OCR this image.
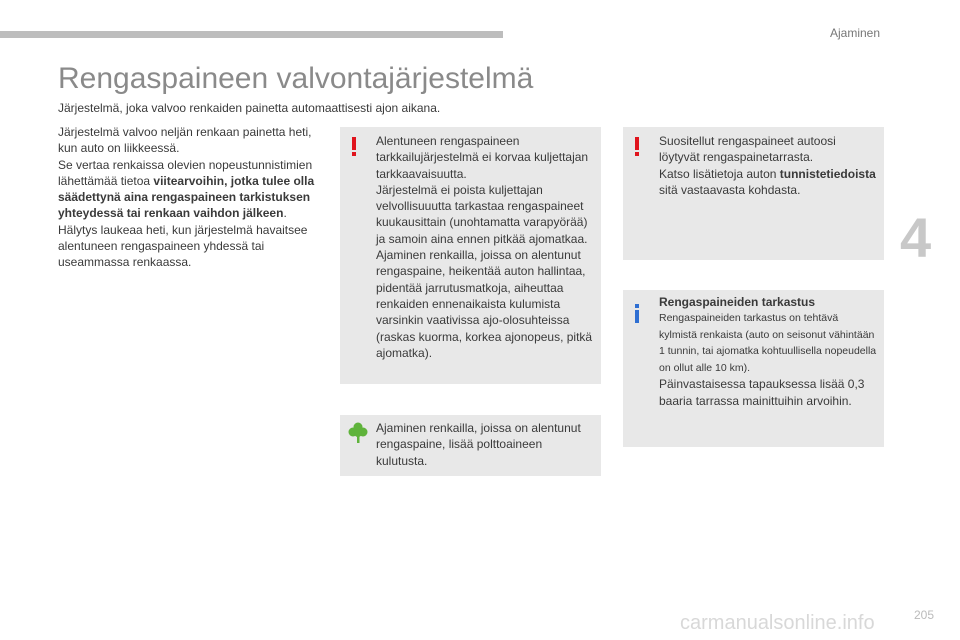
Ajaminen
4
Rengaspaineen valvontajärjestelmä
Järjestelmä, joka valvoo renkaiden painetta automaattisesti ajon aikana.

Järjestelmä valvoo neljän renkaan painetta heti, kun auto on liikkeessä.

Se vertaa renkaissa olevien nopeustunnistimien lähettämää tietoa viitearvoihin, jotka tulee olla säädettynä aina rengaspaineen tarkistuksen yhteydessä tai renkaan vaihdon jälkeen.

Hälytys laukeaa heti, kun järjestelmä havaitsee alentuneen rengaspaineen yhdessä tai useammassa renkaassa.

Alentuneen rengaspaineen tarkkailujärjestelmä ei korvaa kuljettajan tarkkaavaisuutta.

Järjestelmä ei poista kuljettajan velvollisuuutta tarkastaa rengaspaineet kuukausittain (unohtamatta varapyörää) ja samoin aina ennen pitkää ajomatkaa.

Ajaminen renkailla, joissa on alentunut rengaspaine, heikentää auton hallintaa, pidentää jarrutusmatkoja, aiheuttaa renkaiden ennenaikaista kulumista varsinkin vaativissa ajo-olosuhteissa (raskas kuorma, korkea ajonopeus, pitkä ajomatka).

Ajaminen renkailla, joissa on alentunut rengaspaine, lisää polttoaineen kulutusta.

Suositellut rengaspaineet autoosi löytyvät rengaspainetarrasta.

Katso lisätietoja auton tunnistetiedoista sitä vastaavasta kohdasta.

Rengaspaineiden tarkastus

Rengaspaineiden tarkastus on tehtävä kylmistä renkaista (auto on seisonut vähintään 1 tunnin, tai ajomatka kohtuullisella nopeudella on ollut alle 10 km).

Päinvastaisessa tapauksessa lisää 0,3 baaria tarrassa mainittuihin arvoihin.

carmanualsonline.info	205
